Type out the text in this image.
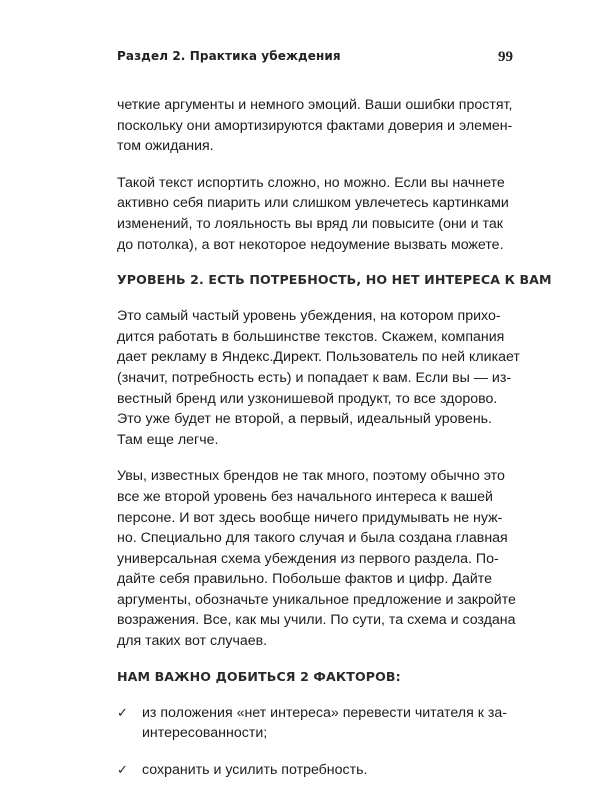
Раздел 2. Практика убеждения	99

четкие аргументы и немного эмоций. Ваши ошибки простят,
поскольку они амортизируются фактами доверия и элемен-
том ожидания.

Такой текст испортить сложно, но можно. Если вы начнете
активно себя пиарить или слишком увлечетесь картинками
изменений, то лояльность вы вряд ли повысите (они и так
до потолка), а вот некоторое недоумение вызвать можете.

УРОВЕНЬ 2. ЕСТЬ ПОТРЕБНОСТЬ, НО НЕТ ИНТЕРЕСА К ВАМ

Это самый частый уровень убеждения, на котором прихо-
дится работать в большинстве текстов. Скажем, компания
дает рекламу в Яндекс.Директ. Пользователь по ней кликает
(значит, потребность есть) и попадает к вам. Если вы — из-
вестный бренд или узконишевой продукт, то все здорово.
Это уже будет не второй, а первый, идеальный уровень.
Там еще легче.

Увы, известных брендов не так много, поэтому обычно это
все же второй уровень без начального интереса к вашей
персоне. И вот здесь вообще ничего придумывать не нуж-
но. Специально для такого случая и была создана главная
универсальная схема убеждения из первого раздела. По-
дайте себя правильно. Побольше фактов и цифр. Дайте
аргументы, обозначьте уникальное предложение и закройте
возражения. Все, как мы учили. По сути, та схема и создана
для таких вот случаев.

НАМ ВАЖНО ДОБИТЬСЯ 2 ФАКТОРОВ:
✓ из положения «нет интереса» перевести читателя к за-
интересованности;
✓ сохранить и усилить потребность.
